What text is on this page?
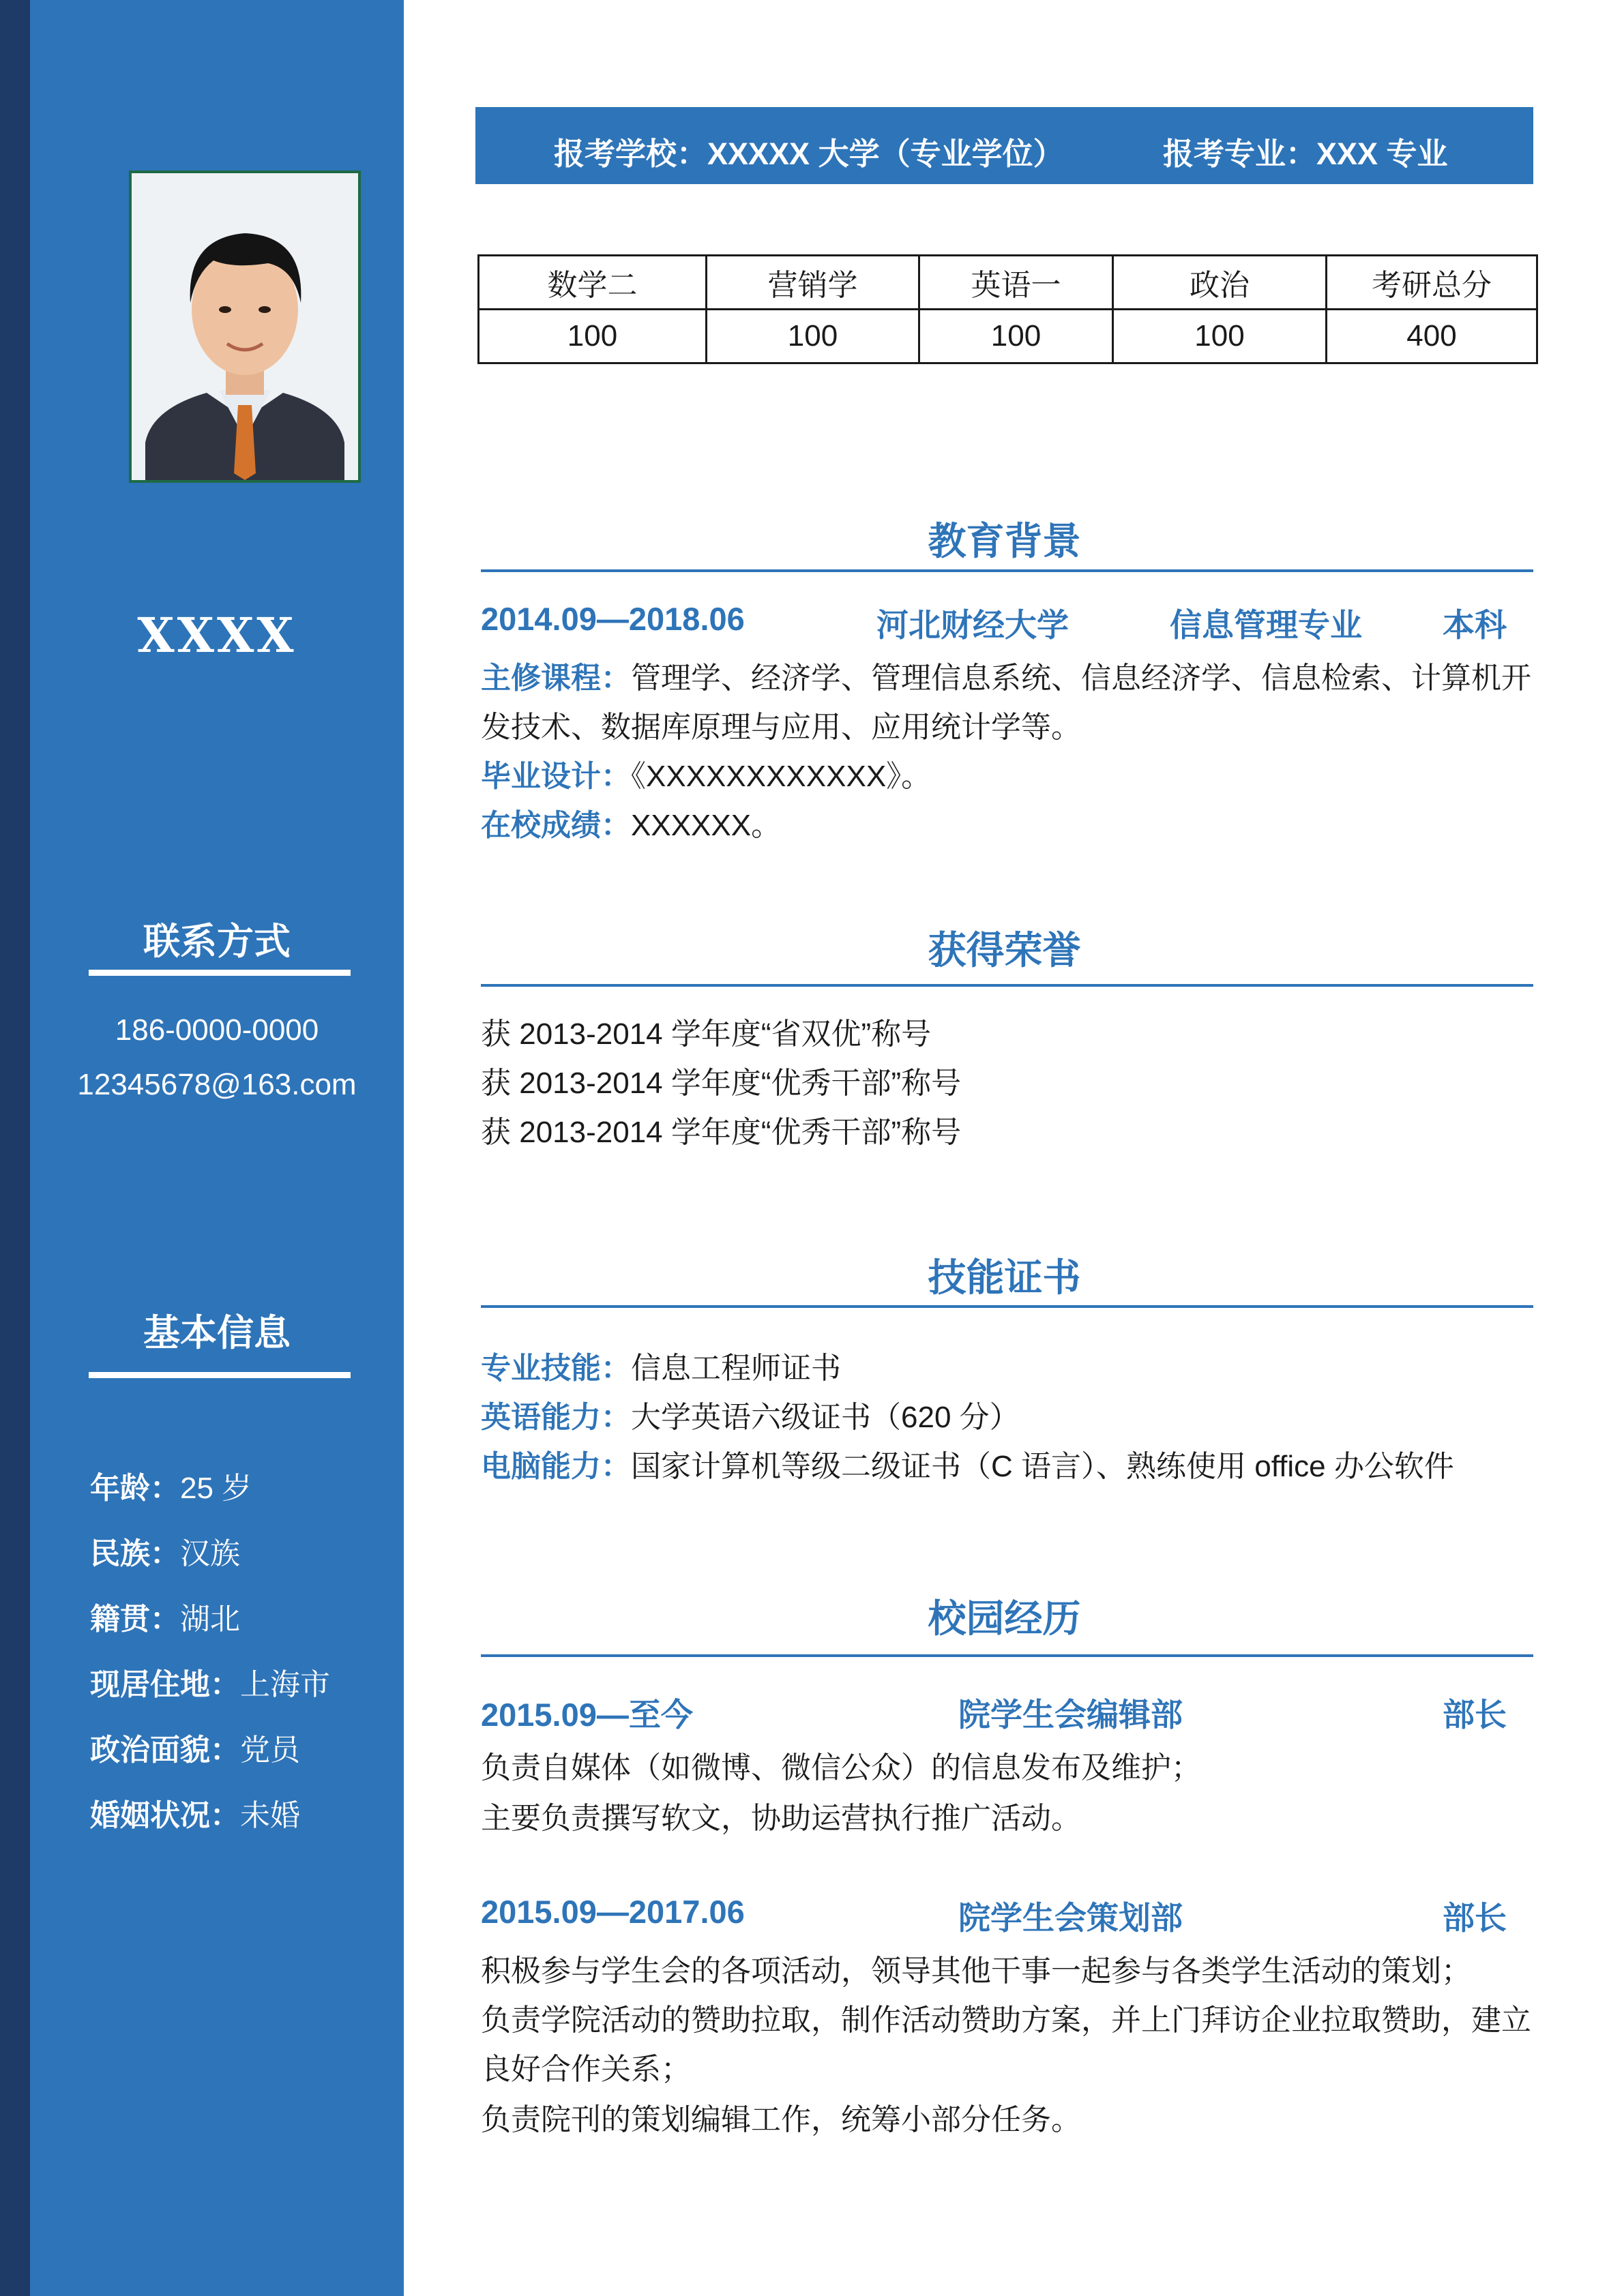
XXXX
联系方式
186-0000-0000
12345678@163.com
基本信息
年龄：25 岁
民族：汉族
籍贯：湖北
现居住地：上海市
政治面貌：党员
婚姻状况：未婚
报考学校：XXXXX 大学（专业学位）	报考专业：XXX 专业
数学二	营销学	英语一	政治	考研总分
100	100	100	100	400
教育背景
2014.09—2018.06	河北财经大学	信息管理专业	本科
主修课程：管理学、经济学、管理信息系统、信息经济学、信息检索、计算机开
发技术、数据库原理与应用、应用统计学等。
毕业设计：《XXXXXXXXXXXX》。
在校成绩：XXXXXX。
获得荣誉
获 2013-2014 学年度“省双优”称号
获 2013-2014 学年度“优秀干部”称号
获 2013-2014 学年度“优秀干部”称号
技能证书
专业技能：信息工程师证书
英语能力：大学英语六级证书（620 分）
电脑能力：国家计算机等级二级证书（C 语言）、熟练使用 office 办公软件
校园经历
2015.09—至今	院学生会编辑部	部长
负责自媒体（如微博、微信公众）的信息发布及维护；
主要负责撰写软文，协助运营执行推广活动。
2015.09—2017.06	院学生会策划部	部长
积极参与学生会的各项活动，领导其他干事一起参与各类学生活动的策划；
负责学院活动的赞助拉取，制作活动赞助方案，并上门拜访企业拉取赞助，建立
良好合作关系；
负责院刊的策划编辑工作，统筹小部分任务。
